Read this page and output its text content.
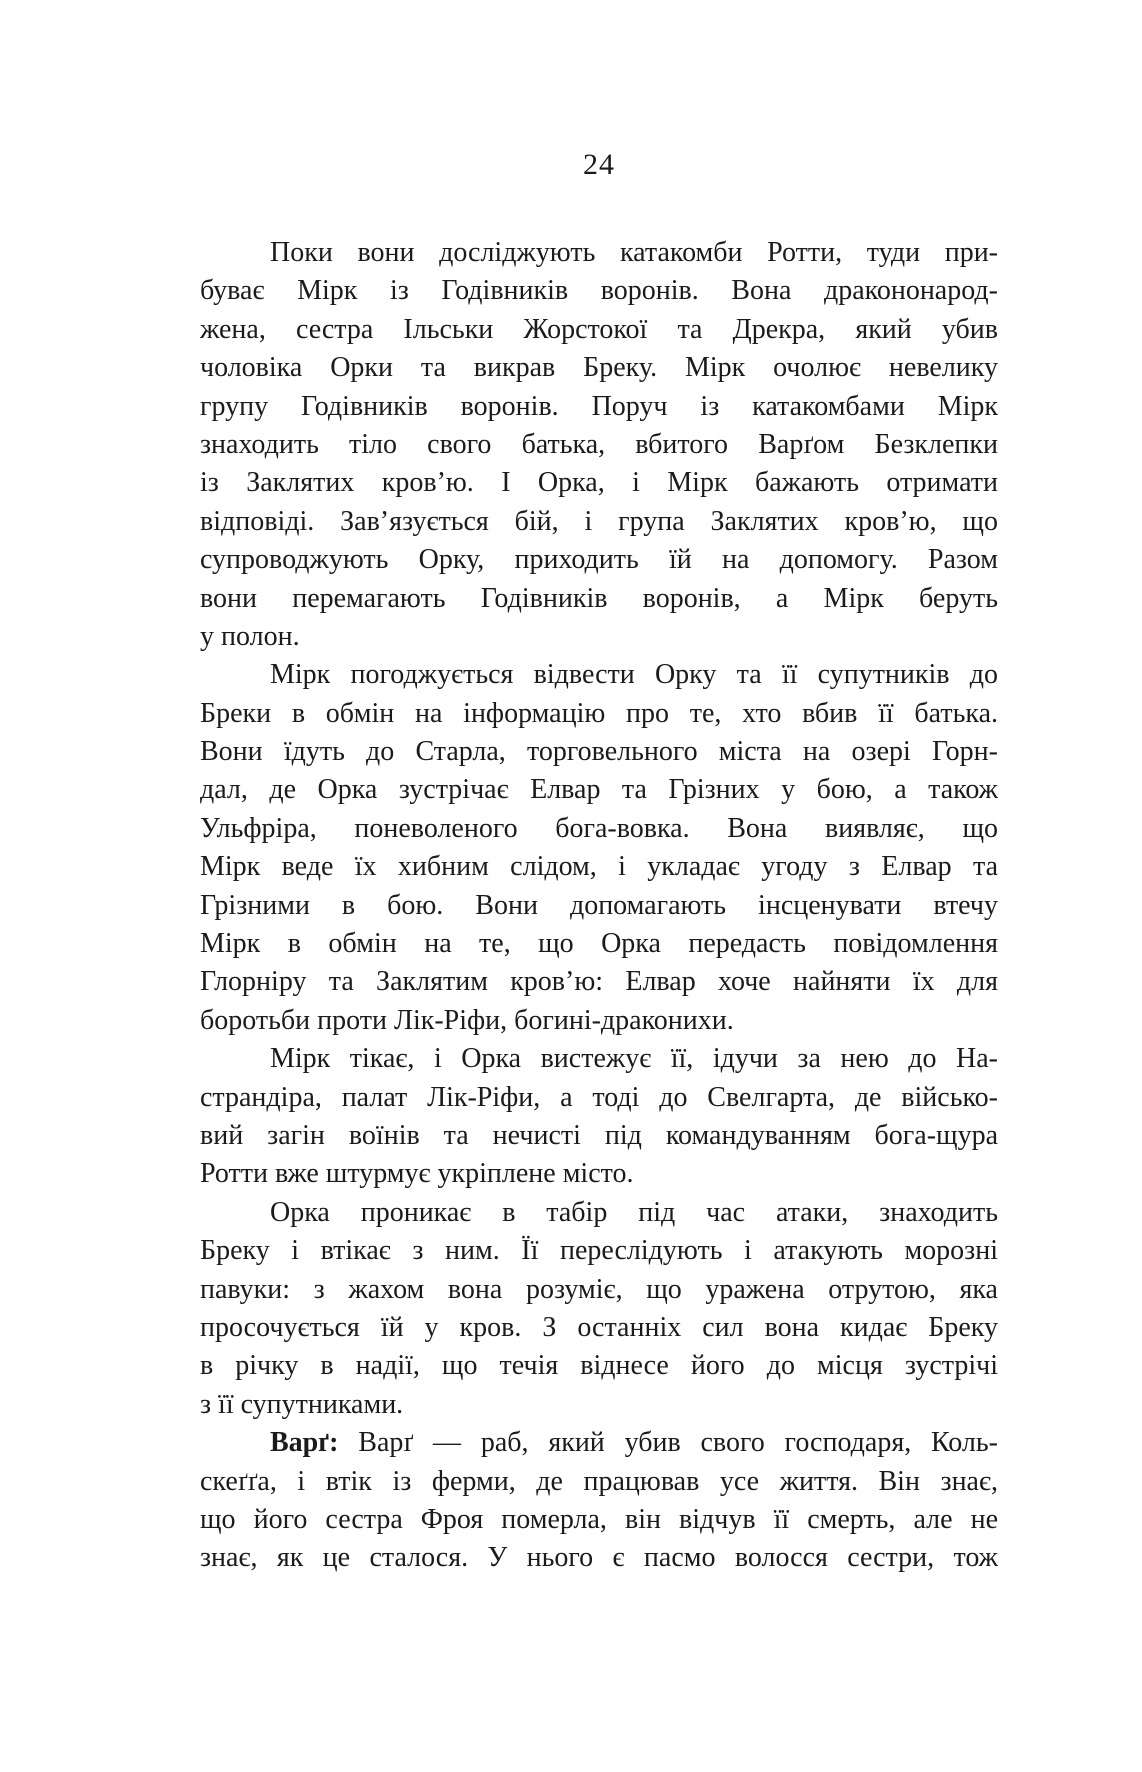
24
Поки вони досліджують катакомби Ротти, туди при-
буває Мірк із Годівників воронів. Вона дракононарод-
жена, сестра Ільськи Жорстокої та Дрекра, який убив
чоловіка Орки та викрав Бреку. Мірк очолює невелику
групу Годівників воронів. Поруч із катакомбами Мірк
знаходить тіло свого батька, вбитого Варґом Безклепки
із Заклятих кров’ю. І Орка, і Мірк бажають отримати
відповіді. Зав’язується бій, і група Заклятих кров’ю, що
супроводжують Орку, приходить їй на допомогу. Разом
вони перемагають Годівників воронів, а Мірк беруть
у полон.
Мірк погоджується відвести Орку та її супутників до
Бреки в обмін на інформацію про те, хто вбив її батька.
Вони їдуть до Старла, торговельного міста на озері Горн-
дал, де Орка зустрічає Елвар та Грізних у бою, а також
Ульфріра, поневоленого бога-вовка. Вона виявляє, що
Мірк веде їх хибним слідом, і укладає угоду з Елвар та
Грізними в бою. Вони допомагають інсценувати втечу
Мірк в обмін на те, що Орка передасть повідомлення
Глорніру та Заклятим кров’ю: Елвар хоче найняти їх для
боротьби проти Лік-Ріфи, богині-драконихи.
Мірк тікає, і Орка вистежує її, ідучи за нею до На-
страндіра, палат Лік-Ріфи, а тоді до Свелгарта, де військо-
вий загін воїнів та нечисті під командуванням бога-щура
Ротти вже штурмує укріплене місто.
Орка проникає в табір під час атаки, знаходить
Бреку і втікає з ним. Її переслідують і атакують морозні
павуки: з жахом вона розуміє, що уражена отрутою, яка
просочується їй у кров. З останніх сил вона кидає Бреку
в річку в надії, що течія віднесе його до місця зустрічі
з її супутниками.
Варґ: Варґ — раб, який убив свого господаря, Коль-
скеґґа, і втік із ферми, де працював усе життя. Він знає,
що його сестра Фроя померла, він відчув її смерть, але не
знає, як це сталося. У нього є пасмо волосся сестри, тож
